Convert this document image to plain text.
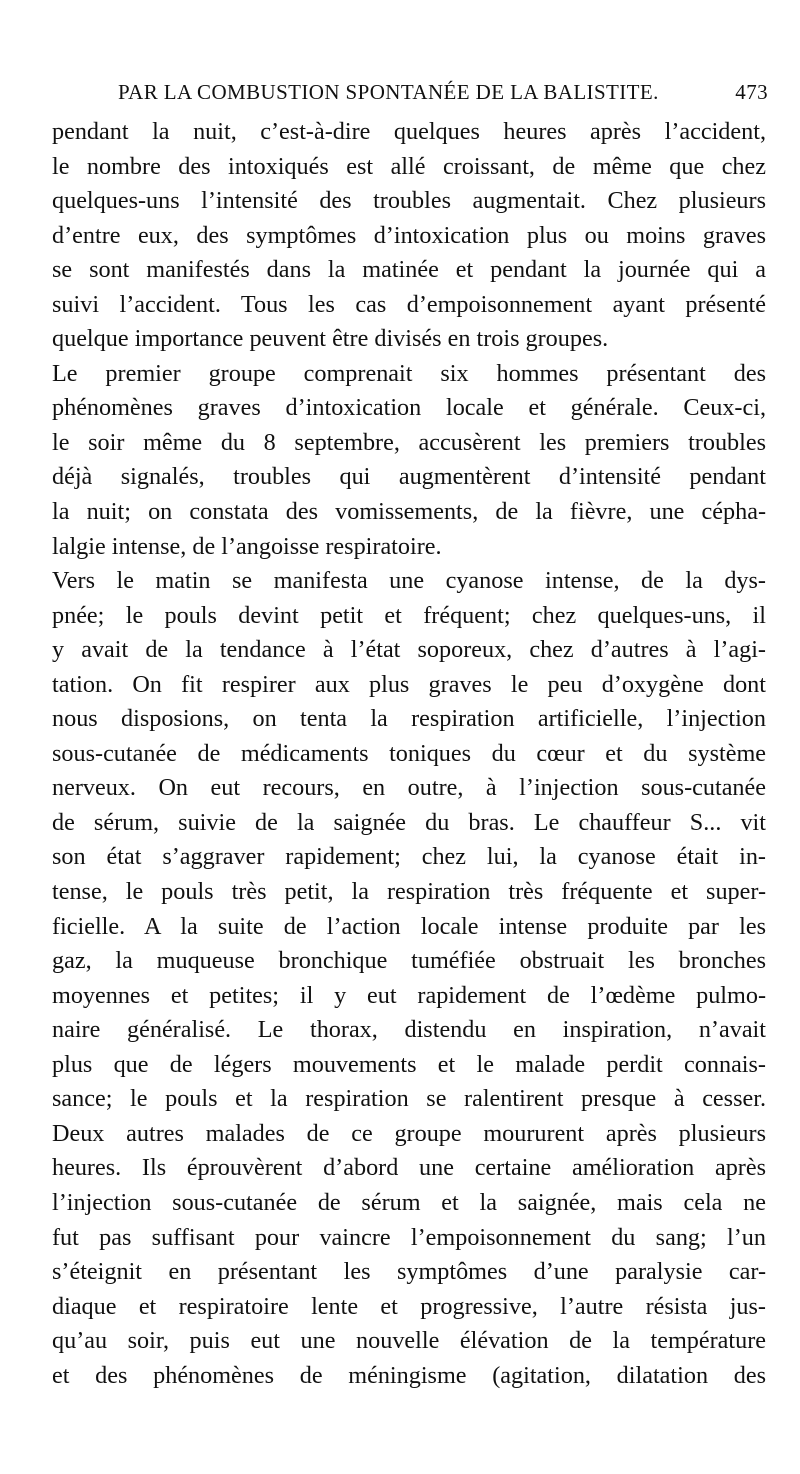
PAR LA COMBUSTION SPONTANÉE DE LA BALISTITE.	473
pendant la nuit, c’est-à-dire quelques heures après l’accident,
le nombre des intoxiqués est allé croissant, de même que chez
quelques-uns l’intensité des troubles augmentait. Chez plusieurs
d’entre eux, des symptômes d’intoxication plus ou moins graves
se sont manifestés dans la matinée et pendant la journée qui a
suivi l’accident. Tous les cas d’empoisonnement ayant présenté
quelque importance peuvent être divisés en trois groupes.
Le premier groupe comprenait six hommes présentant des
phénomènes graves d’intoxication locale et générale. Ceux-ci,
le soir même du 8 septembre, accusèrent les premiers troubles
déjà signalés, troubles qui augmentèrent d’intensité pendant
la nuit; on constata des vomissements, de la fièvre, une cépha-
lalgie intense, de l’angoisse respiratoire.
Vers le matin se manifesta une cyanose intense, de la dys-
pnée; le pouls devint petit et fréquent; chez quelques-uns, il
y avait de la tendance à l’état soporeux, chez d’autres à l’agi-
tation. On fit respirer aux plus graves le peu d’oxygène dont
nous disposions, on tenta la respiration artificielle, l’injection
sous-cutanée de médicaments toniques du cœur et du système
nerveux. On eut recours, en outre, à l’injection sous-cutanée
de sérum, suivie de la saignée du bras. Le chauffeur S... vit
son état s’aggraver rapidement; chez lui, la cyanose était in-
tense, le pouls très petit, la respiration très fréquente et super-
ficielle. A la suite de l’action locale intense produite par les
gaz, la muqueuse bronchique tuméfiée obstruait les bronches
moyennes et petites; il y eut rapidement de l’œdème pulmo-
naire généralisé. Le thorax, distendu en inspiration, n’avait
plus que de légers mouvements et le malade perdit connais-
sance; le pouls et la respiration se ralentirent presque à cesser.
Deux autres malades de ce groupe moururent après plusieurs
heures. Ils éprouvèrent d’abord une certaine amélioration après
l’injection sous-cutanée de sérum et la saignée, mais cela ne
fut pas suffisant pour vaincre l’empoisonnement du sang; l’un
s’éteignit en présentant les symptômes d’une paralysie car-
diaque et respiratoire lente et progressive, l’autre résista jus-
qu’au soir, puis eut une nouvelle élévation de la température
et des phénomènes de méningisme (agitation, dilatation des
